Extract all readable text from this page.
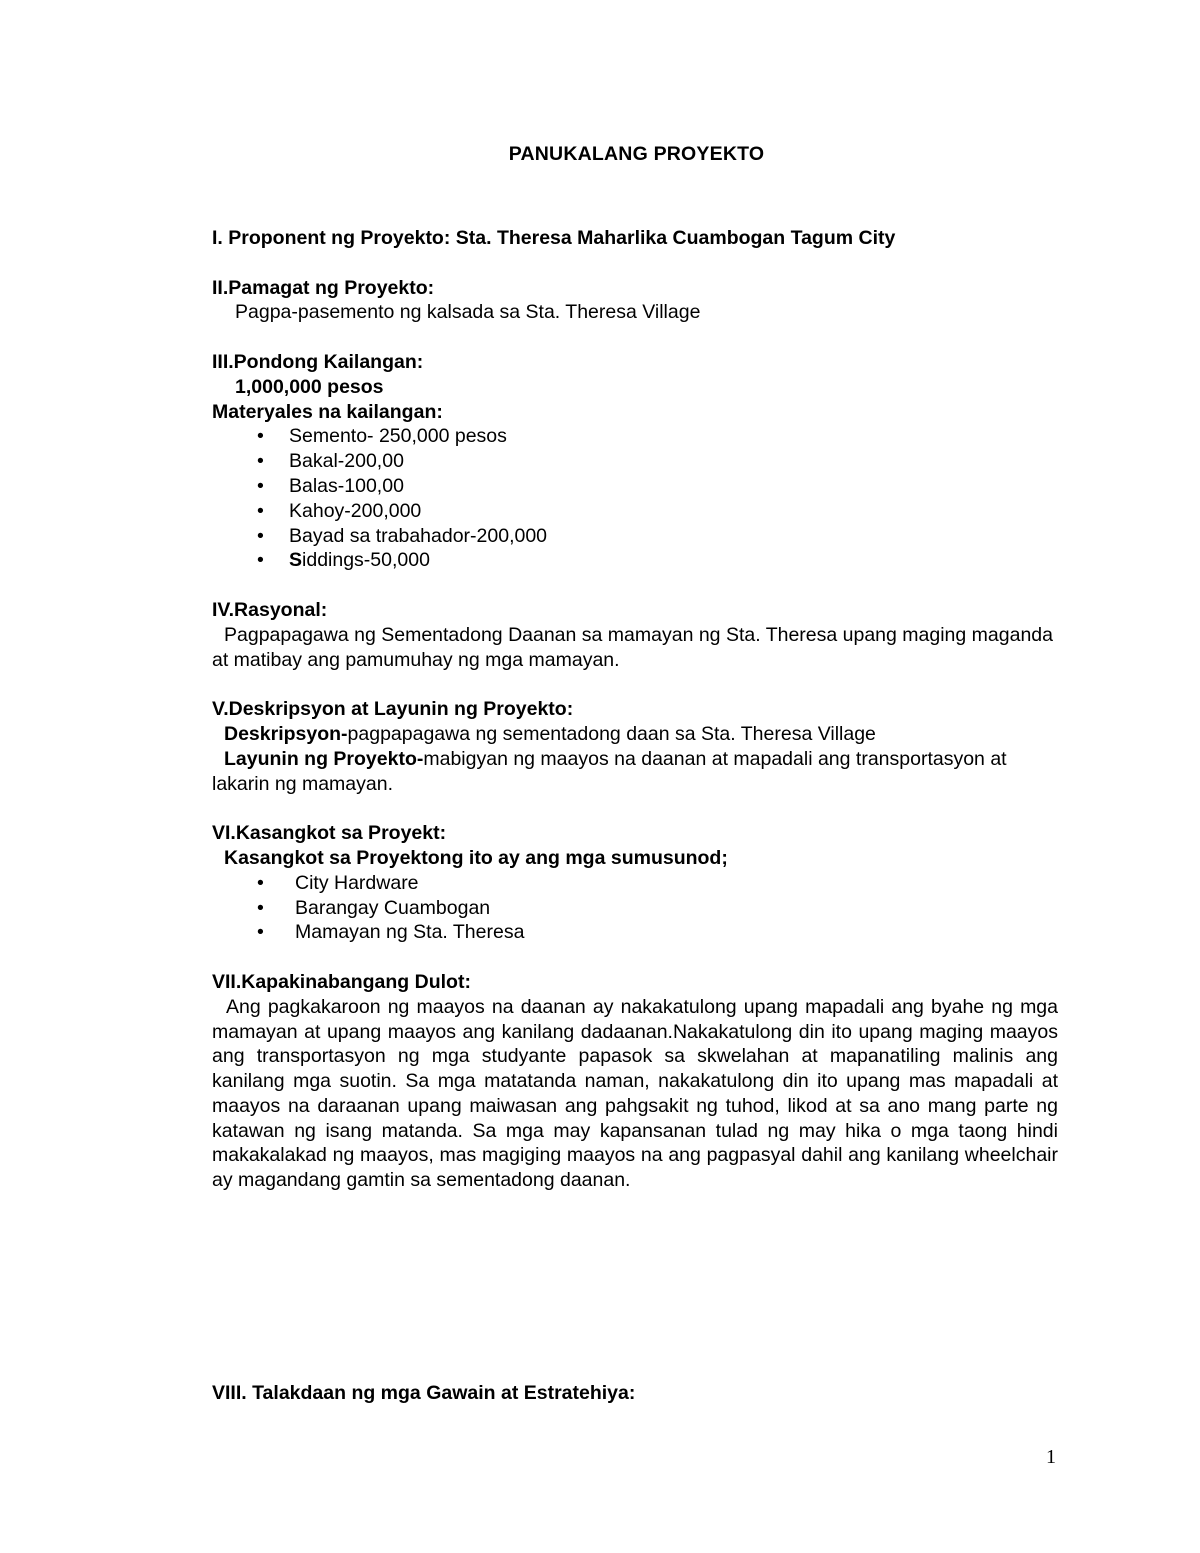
PANUKALANG PROYEKTO
I. Proponent ng Proyekto: Sta. Theresa Maharlika Cuambogan Tagum City
II.Pamagat ng Proyekto:
Pagpa-pasemento ng kalsada sa Sta. Theresa Village
III.Pondong Kailangan:
1,000,000 pesos
Materyales na kailangan:
• Semento- 250,000 pesos
• Bakal-200,00
• Balas-100,00
• Kahoy-200,000
• Bayad sa trabahador-200,000
• Siddings-50,000
IV.Rasyonal:
Pagpapagawa ng Sementadong Daanan sa mamayan ng Sta. Theresa upang maging maganda at matibay ang pamumuhay ng mga mamayan.
V.Deskripsyon at Layunin ng Proyekto:
Deskripsyon-pagpapagawa ng sementadong daan sa Sta. Theresa Village
Layunin ng Proyekto-mabigyan ng maayos na daanan at mapadali ang transportasyon at lakarin ng mamayan.
VI.Kasangkot sa Proyekt:
Kasangkot sa Proyektong ito ay ang mga sumusunod;
• City Hardware
• Barangay Cuambogan
• Mamayan ng Sta. Theresa
VII.Kapakinabangang Dulot:
Ang pagkakaroon ng maayos na daanan ay nakakatulong upang mapadali ang byahe ng mga mamayan at upang maayos ang kanilang dadaanan.Nakakatulong din ito upang maging maayos ang transportasyon ng mga studyante papasok sa skwelahan at mapanatiling malinis ang kanilang mga suotin. Sa mga matatanda naman, nakakatulong din ito upang mas mapadali at maayos na daraanan upang maiwasan ang pahgsakit ng tuhod, likod at sa ano mang parte ng katawan ng isang matanda. Sa mga may kapansanan tulad ng may hika o mga taong hindi makakalakad ng maayos, mas magiging maayos na ang pagpasyal dahil ang kanilang wheelchair ay magandang gamtin sa sementadong daanan.
VIII. Talakdaan ng mga Gawain at Estratehiya:
1
